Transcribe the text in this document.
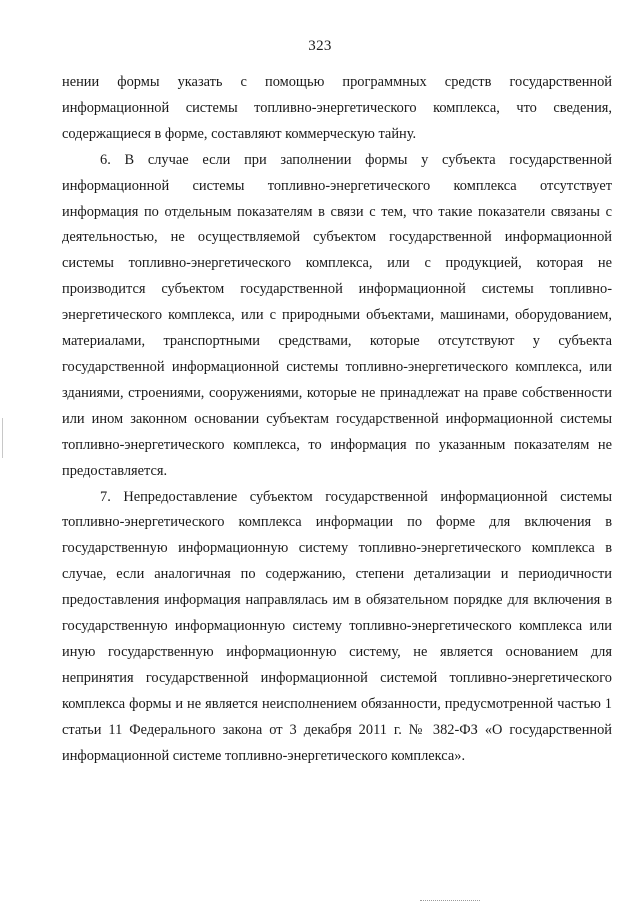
323

нении формы указать с помощью программных средств государственной информационной системы топливно-энергетического комплекса, что сведения, содержащиеся в форме, составляют коммерческую тайну.

6. В случае если при заполнении формы у субъекта государственной информационной системы топливно-энергетического комплекса отсутствует информация по отдельным показателям в связи с тем, что такие показатели связаны с деятельностью, не осуществляемой субъектом государственной информационной системы топливно-энергетического комплекса, или с продукцией, которая не производится субъектом государственной информационной системы топливно-энергетического комплекса, или с природными объектами, машинами, оборудованием, материалами, транспортными средствами, которые отсутствуют у субъекта государственной информационной системы топливно-энергетического комплекса, или зданиями, строениями, сооружениями, которые не принадлежат на праве собственности или ином законном основании субъектам государственной информационной системы топливно-энергетического комплекса, то информация по указанным показателям не предоставляется.

7. Непредоставление субъектом государственной информационной системы топливно-энергетического комплекса информации по форме для включения в государственную информационную систему топливно-энергетического комплекса в случае, если аналогичная по содержанию, степени детализации и периодичности предоставления информация направлялась им в обязательном порядке для включения в государственную информационную систему топливно-энергетического комплекса или иную государственную информационную систему, не является основанием для непринятия государственной информационной системой топливно-энергетического комплекса формы и не является неисполнением обязанности, предусмотренной частью 1 статьи 11 Федерального закона от 3 декабря 2011 г. № 382-ФЗ «О государственной информационной системе топливно-энергетического комплекса».
